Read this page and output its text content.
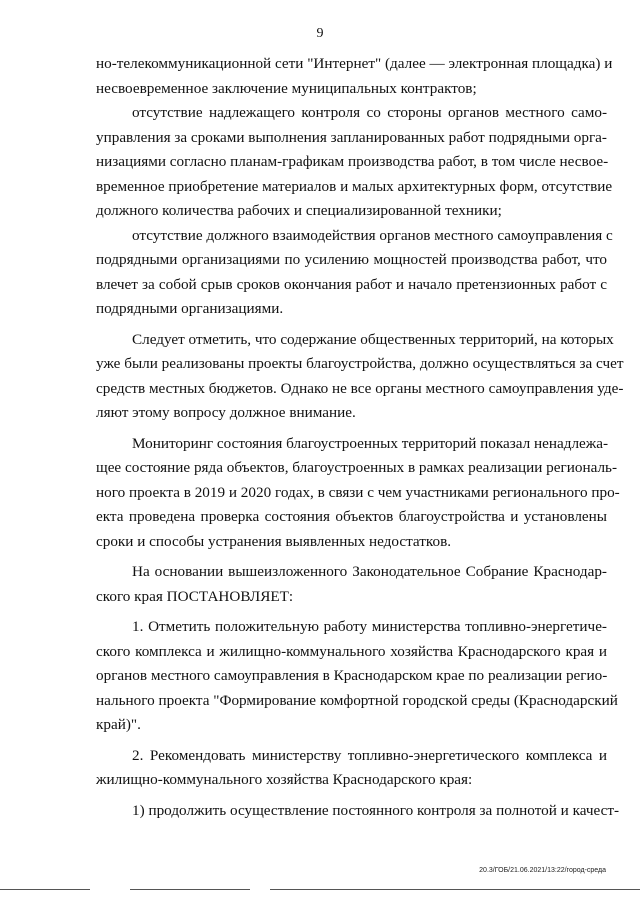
9
но-телекоммуникационной сети "Интернет" (далее — электронная площадка) и
несвоевременное заключение муниципальных контрактов;
отсутствие надлежащего контроля со стороны органов местного само-
управления за сроками выполнения запланированных работ подрядными орга-
низациями согласно планам-графикам производства работ, в том числе несвое-
временное приобретение материалов и малых архитектурных форм, отсутствие
должного количества рабочих и специализированной техники;
отсутствие должного взаимодействия органов местного самоуправления с
подрядными организациями по усилению мощностей производства работ, что
влечет за собой срыв сроков окончания работ и начало претензионных работ с
подрядными организациями.
Следует отметить, что содержание общественных территорий, на которых
уже были реализованы проекты благоустройства, должно осуществляться за счет
средств местных бюджетов. Однако не все органы местного самоуправления уде-
ляют этому вопросу должное внимание.
Мониторинг состояния благоустроенных территорий показал ненадлежа-
щее состояние ряда объектов, благоустроенных в рамках реализации региональ-
ного проекта в 2019 и 2020 годах, в связи с чем участниками регионального про-
екта проведена проверка состояния объектов благоустройства и установлены
сроки и способы устранения выявленных недостатков.
На основании вышеизложенного Законодательное Собрание Краснодар-
ского края ПОСТАНОВЛЯЕТ:
1. Отметить положительную работу министерства топливно-энергетиче-
ского комплекса и жилищно-коммунального хозяйства Краснодарского края и
органов местного самоуправления в Краснодарском крае по реализации регио-
нального проекта "Формирование комфортной городской среды (Краснодарский
край)".
2. Рекомендовать министерству топливно-энергетического комплекса и
жилищно-коммунального хозяйства Краснодарского края:
1) продолжить осуществление постоянного контроля за полнотой и качест-
20.3/ГОБ/21.06.2021/13:22/город-среда
